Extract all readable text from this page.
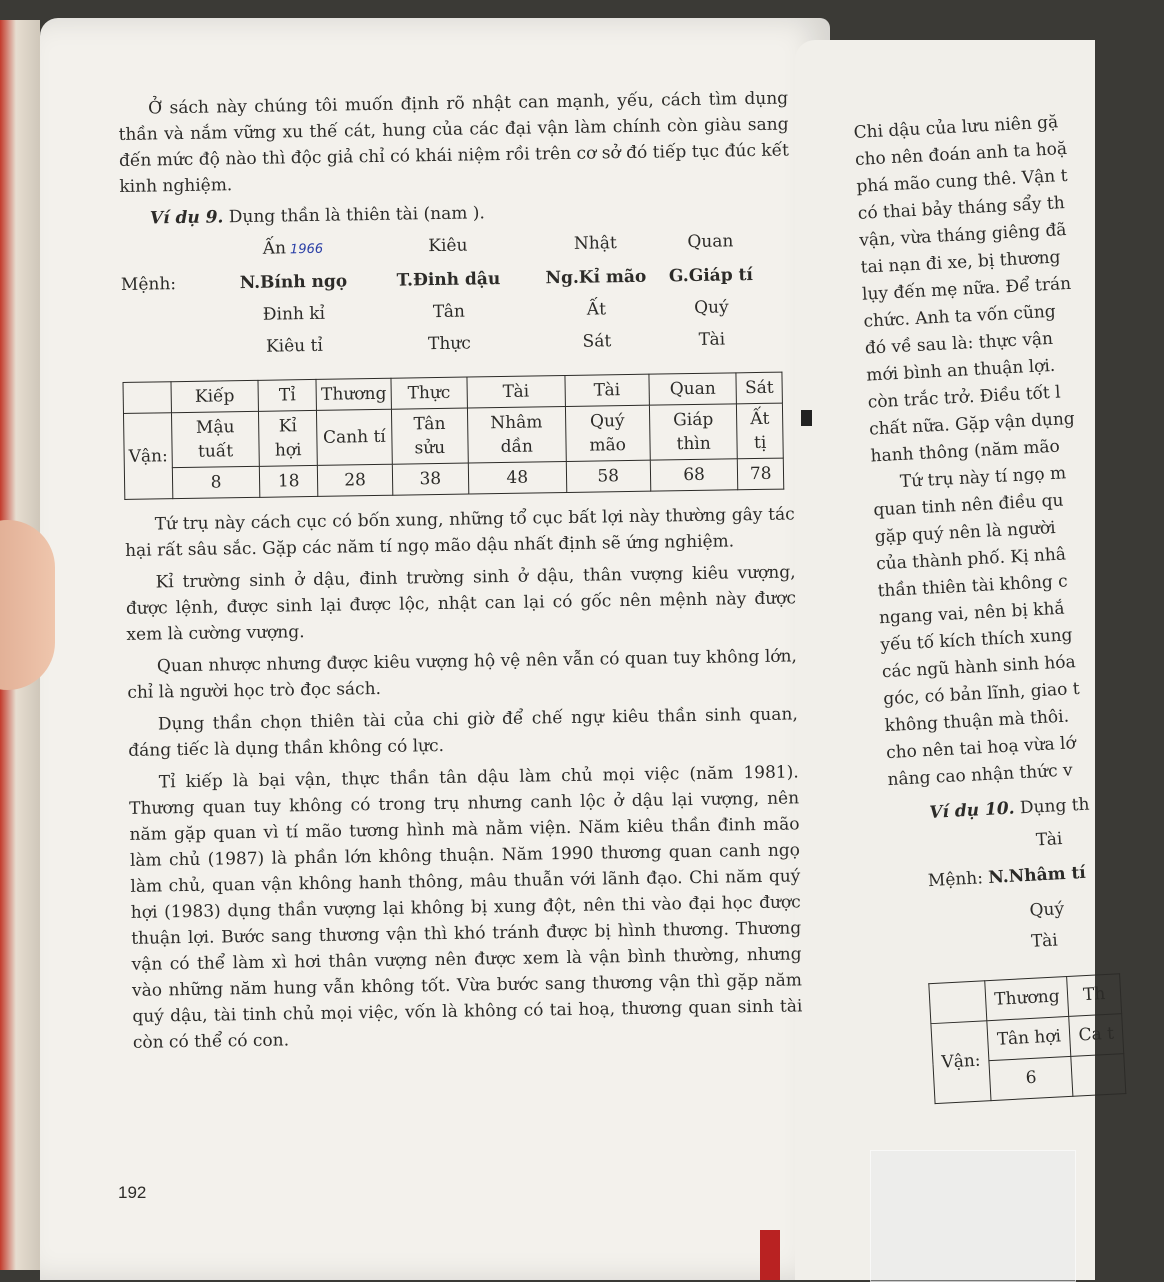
Ở sách này chúng tôi muốn định rõ nhật can mạnh, yếu, cách tìm dụng thần và nắm vững xu thế cát, hung của các đại vận làm chính còn giàu sang đến mức độ nào thì độc giả chỉ có khái niệm rồi trên cơ sở đó tiếp tục đúc kết kinh nghiệm.

Ví dụ 9. Dụng thần là thiên tài (nam ).
Ấn 1966	Kiêu	Nhật	Quan
Mệnh:	N.Bính ngọ	T.Đinh dậu	Ng.Kỉ mão	G.Giáp tí
Đinh kỉ	Tân	Ất	Quý
Kiêu tỉ	Thực	Sát	Tài
	Kiếp	Tỉ	Thương	Thực	Tài	Tài	Quan	Sát
Vận:	Mậu tuất	Kỉ hợi	Canh tí	Tân sửu	Nhâm dần	Quý mão	Giáp thìn	Ất tị
	8	18	28	38	48	58	68	78

Tứ trụ này cách cục có bốn xung, những tổ cục bất lợi này thường gây tác hại rất sâu sắc. Gặp các năm tí ngọ mão dậu nhất định sẽ ứng nghiệm.

Kỉ trường sinh ở dậu, đinh trường sinh ở dậu, thân vượng kiêu vượng, được lệnh, được sinh lại được lộc, nhật can lại có gốc nên mệnh này được xem là cường vượng.

Quan nhược nhưng được kiêu vượng hộ vệ nên vẫn có quan tuy không lớn, chỉ là người học trò đọc sách.

Dụng thần chọn thiên tài của chi giờ để chế ngự kiêu thần sinh quan, đáng tiếc là dụng thần không có lực.

Tỉ kiếp là bại vận, thực thần tân dậu làm chủ mọi việc (năm 1981). Thương quan tuy không có trong trụ nhưng canh lộc ở dậu lại vượng, nên năm gặp quan vì tí mão tương hình mà nằm viện. Năm kiêu thần đinh mão làm chủ (1987) là phần lớn không thuận. Năm 1990 thương quan canh ngọ làm chủ, quan vận không hanh thông, mâu thuẫn với lãnh đạo. Chi năm quý hợi (1983) dụng thần vượng lại không bị xung đột, nên thi vào đại học được thuận lợi. Bước sang thương vận thì khó tránh được bị hình thương. Thương vận có thể làm xì hơi thân vượng nên được xem là vận bình thường, nhưng vào những năm hung vẫn không tốt. Vừa bước sang thương vận thì gặp năm quý dậu, tài tinh chủ mọi việc, vốn là không có tai hoạ, thương quan sinh tài còn có thể có con.

192
Chi dậu của lưu niên gặ
cho nên đoán anh ta hoặ
phá mão cung thê. Vận t
có thai bảy tháng sẩy th
vận, vừa tháng giêng đã
tai nạn đi xe, bị thương
lụy đến mẹ nữa. Để trán
chức. Anh ta vốn cũng
đó về sau là: thực vận
mới bình an thuận lợi.
còn trắc trở. Điều tốt l
chất nữa. Gặp vận dụng
hanh thông (năm mão
Tứ trụ này tí ngọ m
quan tinh nên điều qu
gặp quý nên là người
của thành phố. Kị nhâ
thần thiên tài không c
ngang vai, nên bị khắ
yếu tố kích thích xung
các ngũ hành sinh hóa
góc, có bản lĩnh, giao t
không thuận mà thôi.
cho nên tai hoạ vừa lớ
nâng cao nhận thức v
Ví dụ 10. Dụng th
Tài
Mệnh: N.Nhâm tí
Quý
Tài
	Thương	Th
Vận:	Tân hợi	Ca t
	6	
